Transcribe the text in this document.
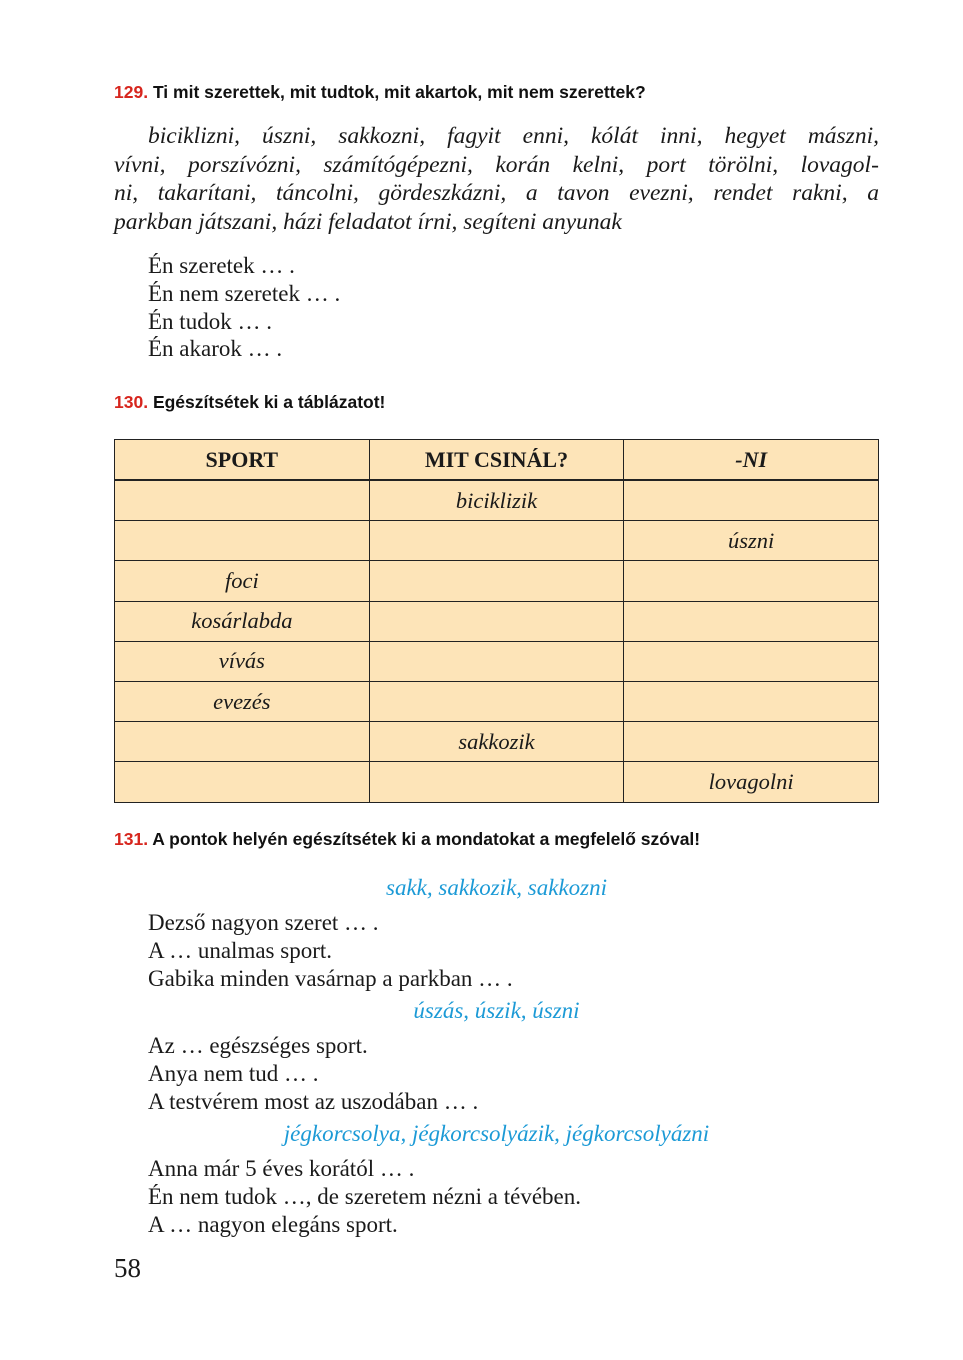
129. Ti mit szerettek, mit tudtok, mit akartok, mit nem szerettek?
biciklizni, úszni, sakkozni, fagyit enni, kólát inni, hegyet mászni,
vívni, porszívózni, számítógépezni, korán kelni, port törölni, lovagol-
ni, takarítani, táncolni, gördeszkázni, a tavon evezni, rendet rakni, a
parkban játszani, házi feladatot írni, segíteni anyunak
Én szeretek … .
Én nem szeretek … .
Én tudok … .
Én akarok … .
130. Egészítsétek ki a táblázatot!
SPORT	MIT CSINÁL?	-NI
	biciklizik	
		úszni
foci		
kosárlabda		
vívás		
evezés		
	sakkozik	
		lovagolni
131. A pontok helyén egészítsétek ki a mondatokat a megfelelő szóval!
sakk, sakkozik, sakkozni
Dezső nagyon szeret … .
A … unalmas sport.
Gabika minden vasárnap a parkban … .
úszás, úszik, úszni
Az … egészséges sport.
Anya nem tud … .
A testvérem most az uszodában … .
jégkorcsolya, jégkorcsolyázik, jégkorcsolyázni
Anna már 5 éves korától … .
Én nem tudok …, de szeretem nézni a tévében.
A … nagyon elegáns sport.
58
